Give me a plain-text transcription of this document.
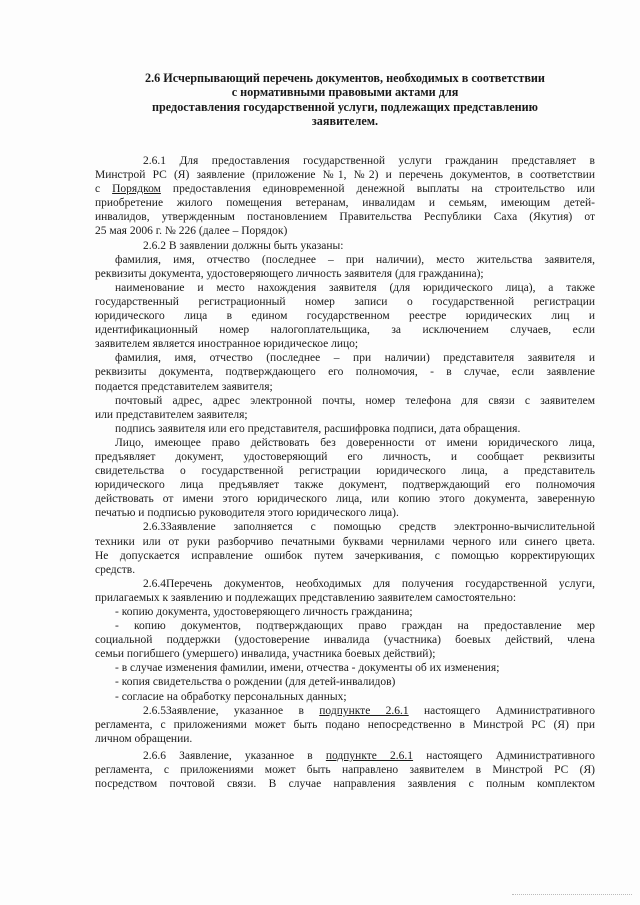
2.6 Исчерпывающий перечень документов, необходимых в соответствии
с нормативными правовыми актами для
предоставления государственной услуги, подлежащих представлению
заявителем.
2.6.1 Для предоставления государственной услуги гражданин представляет в
Минстрой РС (Я) заявление (приложение №1, №2) и перечень документов, в соответствии
с Порядком предоставления единовременной денежной выплаты на строительство или
приобретение жилого помещения ветеранам, инвалидам и семьям, имеющим детей-
инвалидов, утвержденным постановлением Правительства Республики Саха (Якутия) от
25 мая 2006 г. № 226 (далее – Порядок)
2.6.2 В заявлении должны быть указаны:
фамилия, имя, отчество (последнее – при наличии), место жительства заявителя,
реквизиты документа, удостоверяющего личность заявителя (для гражданина);
наименование и место нахождения заявителя (для юридического лица), а также
государственный регистрационный номер записи о государственной регистрации
юридического лица в едином государственном реестре юридических лиц и
идентификационный номер налогоплательщика, за исключением случаев, если
заявителем является иностранное юридическое лицо;
фамилия, имя, отчество (последнее – при наличии) представителя заявителя и
реквизиты документа, подтверждающего его полномочия, - в случае, если заявление
подается представителем заявителя;
почтовый адрес, адрес электронной почты, номер телефона для связи с заявителем
или представителем заявителя;
подпись заявителя или его представителя, расшифровка подписи, дата обращения.
Лицо, имеющее право действовать без доверенности от имени юридического лица,
предъявляет документ, удостоверяющий его личность, и сообщает реквизиты
свидетельства о государственной регистрации юридического лица, а представитель
юридического лица предъявляет также документ, подтверждающий его полномочия
действовать от имени этого юридического лица, или копию этого документа, заверенную
печатью и подписью руководителя этого юридического лица).
2.6.3Заявление заполняется с помощью средств электронно-вычислительной
техники или от руки разборчиво печатными буквами чернилами черного или синего цвета.
Не допускается исправление ошибок путем зачеркивания, с помощью корректирующих
средств.
2.6.4Перечень документов, необходимых для получения государственной услуги,
прилагаемых к заявлению и подлежащих представлению заявителем самостоятельно:
- копию документа, удостоверяющего личность гражданина;
- копию документов, подтверждающих право граждан на предоставление мер
социальной поддержки (удостоверение инвалида (участника) боевых действий, члена
семьи погибшего (умершего) инвалида, участника боевых действий);
- в случае изменения фамилии, имени, отчества - документы об их изменения;
- копия свидетельства о рождении (для детей-инвалидов)
- согласие на обработку персональных данных;
2.6.5Заявление, указанное в подпункте 2.6.1 настоящего Административного
регламента, с приложениями может быть подано непосредственно в Минстрой РС (Я) при
личном обращении.
2.6.6 Заявление, указанное в подпункте 2.6.1 настоящего Административного
регламента, с приложениями может быть направлено заявителем в Минстрой РС (Я)
посредством почтовой связи. В случае направления заявления с полным комплектом
